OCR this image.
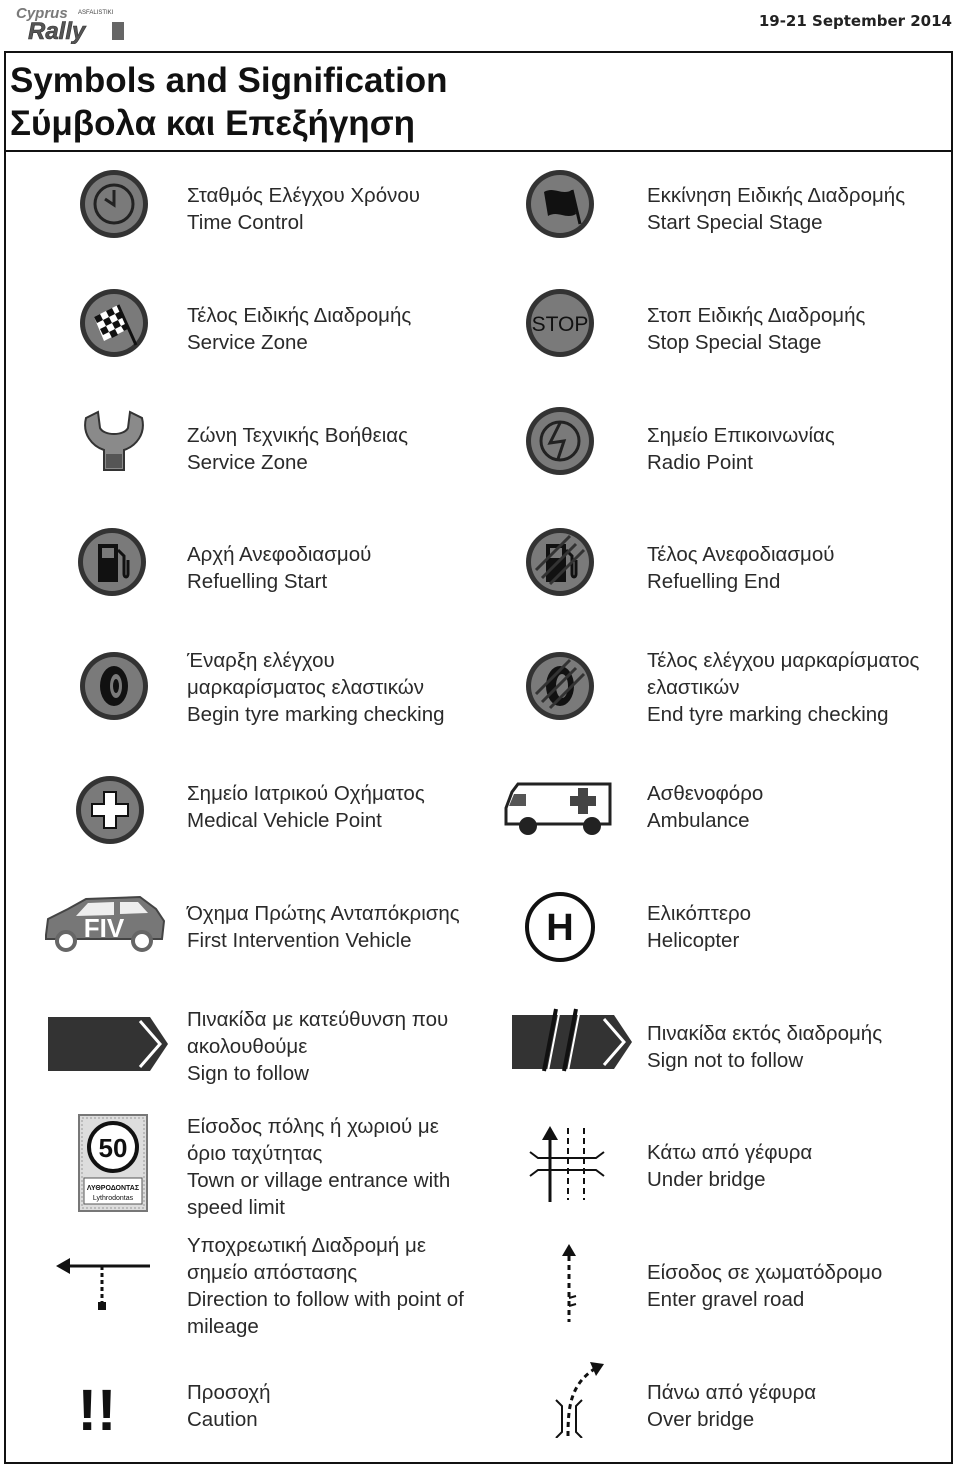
Cyprus
Rally
ASFALISTIKI	19-21 September 2014
Symbols and Signification
Σύμβολα και Επεξήγηση
STOP
FIV	H
50
ΛΥΘΡΟΔΟΝΤΑΣ
Lythrodontas
!!
Σταθμός Ελέγχου Χρόνου
Time Control
Εκκίνηση Ειδικής Διαδρομής
Start Special Stage
Τέλος Ειδικής Διαδρομής
Service Zone
Στοπ Ειδικής Διαδρομής
Stop Special Stage
Ζώνη Τεχνικής Βοήθειας
Service Zone
Σημείο Επικοινωνίας
Radio Point
Αρχή Ανεφοδιασμού
Refuelling Start
Τέλος Ανεφοδιασμού
Refuelling End
Έναρξη ελέγχου
μαρκαρίσματος ελαστικών
Begin tyre marking checking
Τέλος ελέγχου μαρκαρίσματος
ελαστικών
End tyre marking checking
Σημείο Ιατρικού Οχήματος
Medical Vehicle Point
Ασθενοφόρο
Ambulance
Όχημα Πρώτης Ανταπόκρισης
First Intervention Vehicle
Ελικόπτερο
Helicopter
Πινακίδα με κατεύθυνση που
ακολουθούμε
Sign to follow
Πινακίδα εκτός διαδρομής
Sign not to follow
Είσοδος πόλης ή χωριού με
όριο ταχύτητας
Town or village entrance with
speed limit
Κάτω από γέφυρα
Under bridge
Υποχρεωτική Διαδρομή με
σημείο απόστασης
Direction to follow with point of
mileage
Είσοδος σε χωματόδρομο
Enter gravel road
Προσοχή
Caution
Πάνω από γέφυρα
Over bridge
